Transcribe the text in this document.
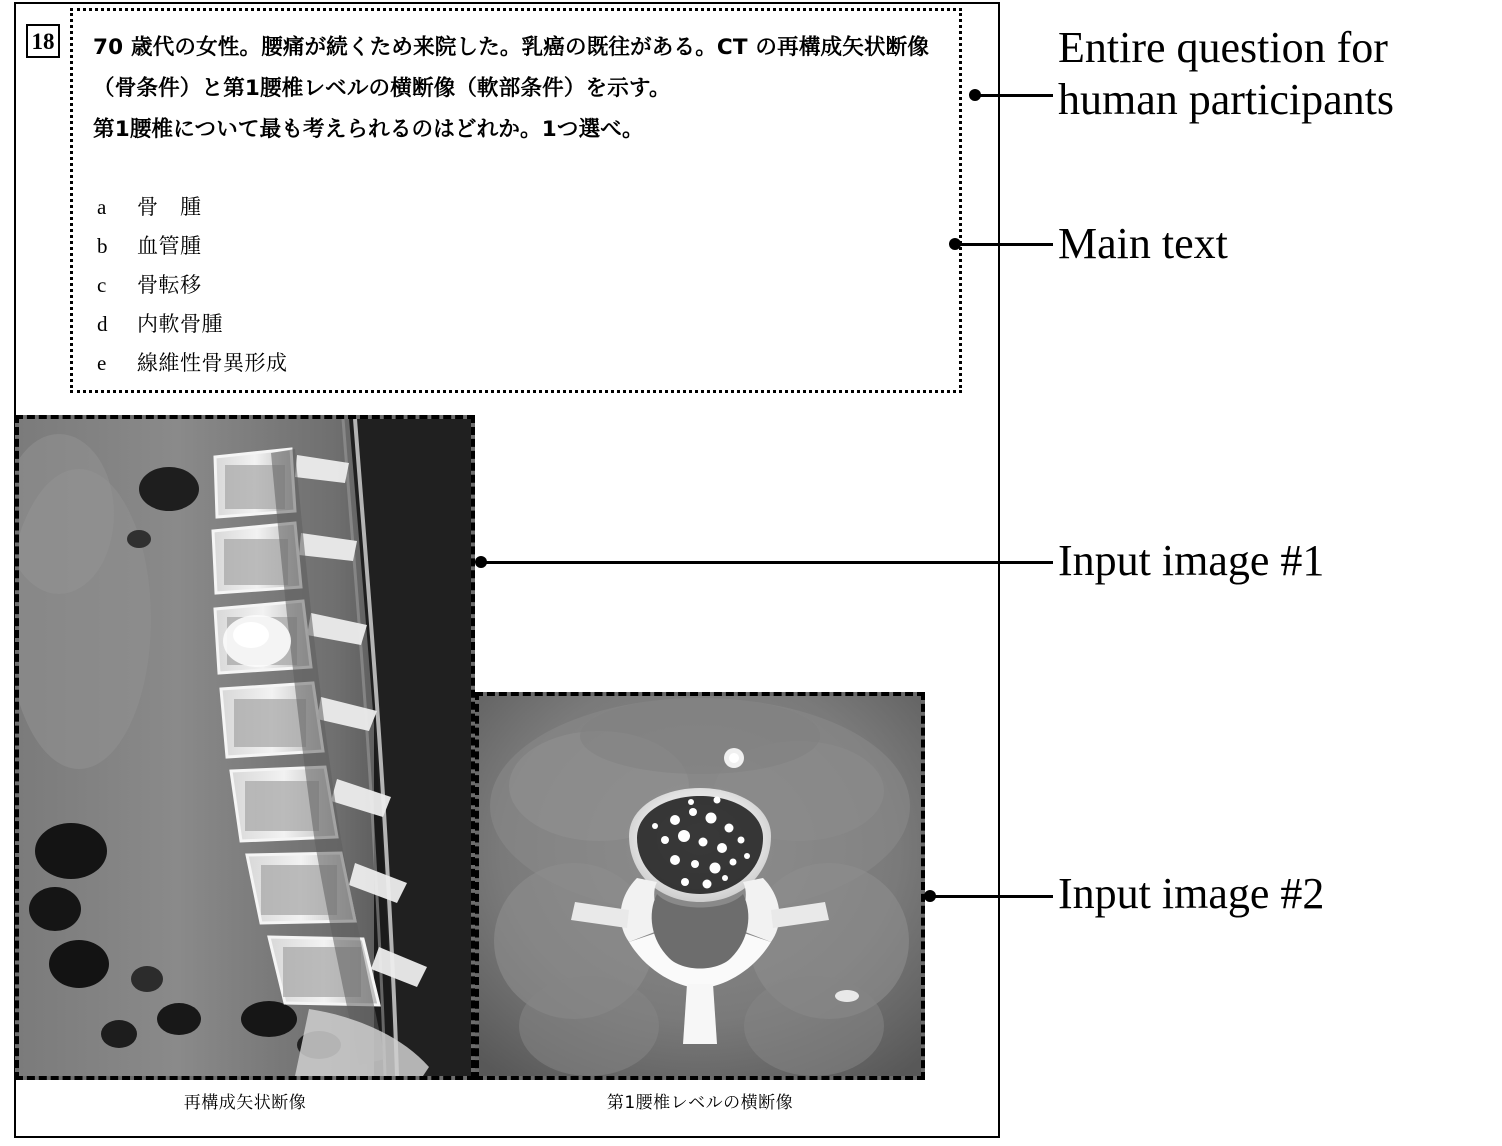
18 70 歳代の女性。腰痛が続くため来院した。乳癌の既往がある。CT の再構成矢状断像
（骨条件）と第1腰椎レベルの横断像（軟部条件）を示す。
第1腰椎について最も考えられるのはどれか。1つ選べ。
a	骨　腫
b	血管腫
c	骨転移
d	内軟骨腫
e	線維性骨異形成
再構成矢状断像	第1腰椎レベルの横断像
Entire question for
human participants
Main text
Input image #1
Input image #2
